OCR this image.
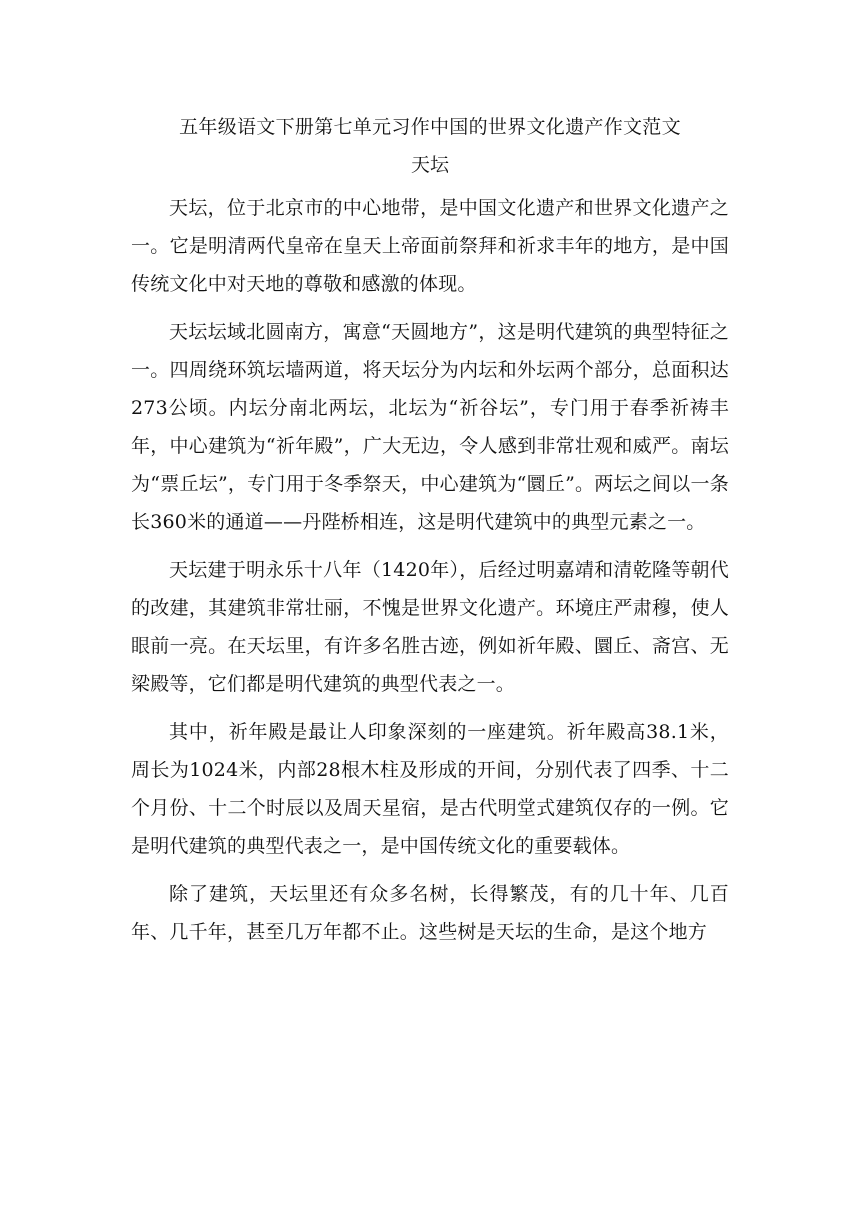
五年级语文下册第七单元习作中国的世界文化遗产作文范文
天坛

天坛，位于北京市的中心地带，是中国文化遗产和世界文化遗产之一。它是明清两代皇帝在皇天上帝面前祭拜和祈求丰年的地方，是中国传统文化中对天地的尊敬和感激的体现。

天坛坛域北圆南方，寓意“天圆地方”，这是明代建筑的典型特征之一。四周绕环筑坛墙两道，将天坛分为内坛和外坛两个部分，总面积达273公顷。内坛分南北两坛，北坛为“祈谷坛”，专门用于春季祈祷丰年，中心建筑为“祈年殿”，广大无边，令人感到非常壮观和威严。南坛为“票丘坛”，专门用于冬季祭天，中心建筑为“圜丘”。两坛之间以一条长360米的通道——丹陛桥相连，这是明代建筑中的典型元素之一。

天坛建于明永乐十八年（1420年），后经过明嘉靖和清乾隆等朝代的改建，其建筑非常壮丽，不愧是世界文化遗产。环境庄严肃穆，使人眼前一亮。在天坛里，有许多名胜古迹，例如祈年殿、圜丘、斋宫、无梁殿等，它们都是明代建筑的典型代表之一。

其中，祈年殿是最让人印象深刻的一座建筑。祈年殿高38.1米，周长为1024米，内部28根木柱及形成的开间，分别代表了四季、十二个月份、十二个时辰以及周天星宿，是古代明堂式建筑仅存的一例。它是明代建筑的典型代表之一，是中国传统文化的重要载体。

除了建筑，天坛里还有众多名树，长得繁茂，有的几十年、几百年、几千年，甚至几万年都不止。这些树是天坛的生命，是这个地方
